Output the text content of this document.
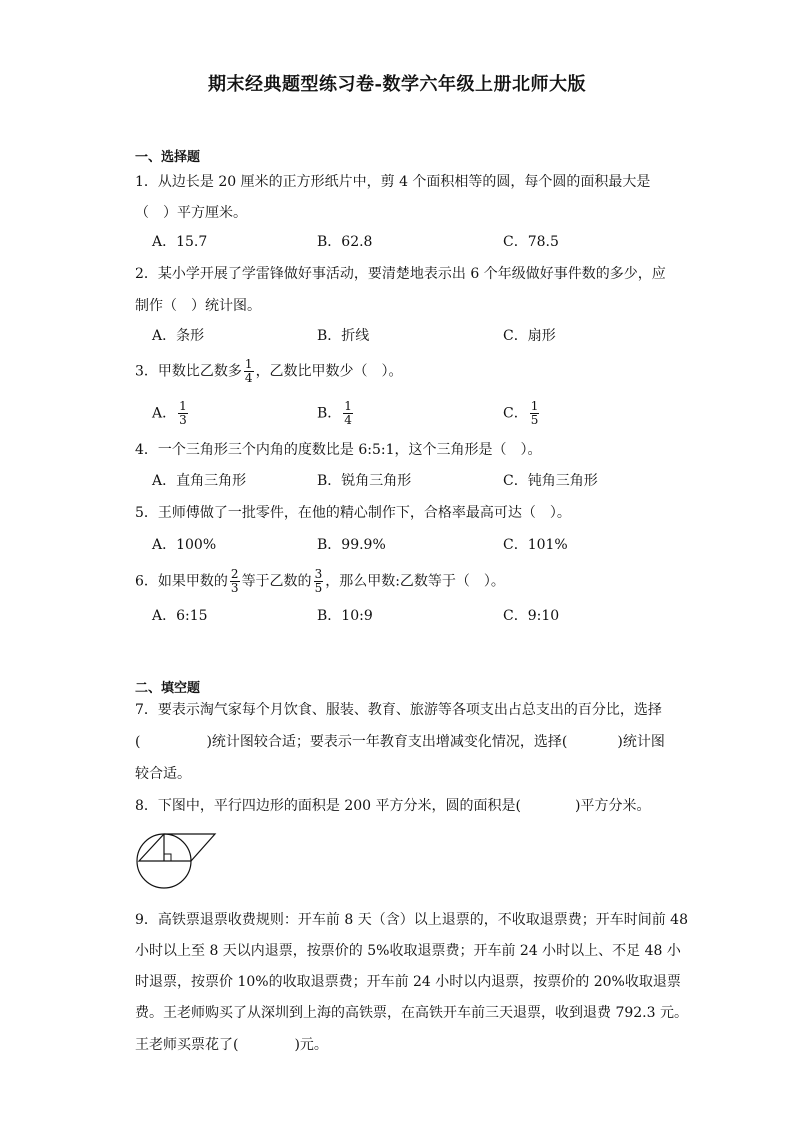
期末经典题型练习卷-数学六年级上册北师大版
一、选择题
1．从边长是 20 厘米的正方形纸片中，剪 4 个面积相等的圆，每个圆的面积最大是
（　）平方厘米。
A．15.7	B．62.8	C．78.5
2．某小学开展了学雷锋做好事活动，要清楚地表示出 6 个年级做好事件数的多少，应
制作（　）统计图。
A．条形	B．折线	C．扇形
3．甲数比乙数多 $\frac{1}{4}$ ，乙数比甲数少（　）。
A． $\frac{1}{3}$	B． $\frac{1}{4}$	C． $\frac{1}{5}$
4．一个三角形三个内角的度数比是 6:5:1，这个三角形是（　）。
A．直角三角形	B．锐角三角形	C．钝角三角形
5．王师傅做了一批零件，在他的精心制作下，合格率最高可达（　）。
A．100%	B．99.9%	C．101%
6．如果甲数的 $\frac{2}{3}$ 等于乙数的 $\frac{3}{5}$ ，那么甲数:乙数等于（　）。
A．6:15	B．10:9	C．9:10
二、填空题
7．要表示淘气家每个月饮食、服装、教育、旅游等各项支出占总支出的百分比，选择
(	)统计图较合适；要表示一年教育支出增减变化情况，选择(	)统计图
较合适。
8．下图中，平行四边形的面积是 200 平方分米，圆的面积是(	)平方分米。
9．高铁票退票收费规则：开车前 8 天（含）以上退票的，不收取退票费；开车时间前 48
小时以上至 8 天以内退票，按票价的 5%收取退票费；开车前 24 小时以上、不足 48 小
时退票，按票价 10%的收取退票费；开车前 24 小时以内退票，按票价的 20%收取退票
费。王老师购买了从深圳到上海的高铁票，在高铁开车前三天退票，收到退费 792.3 元。
王老师买票花了(	)元。
